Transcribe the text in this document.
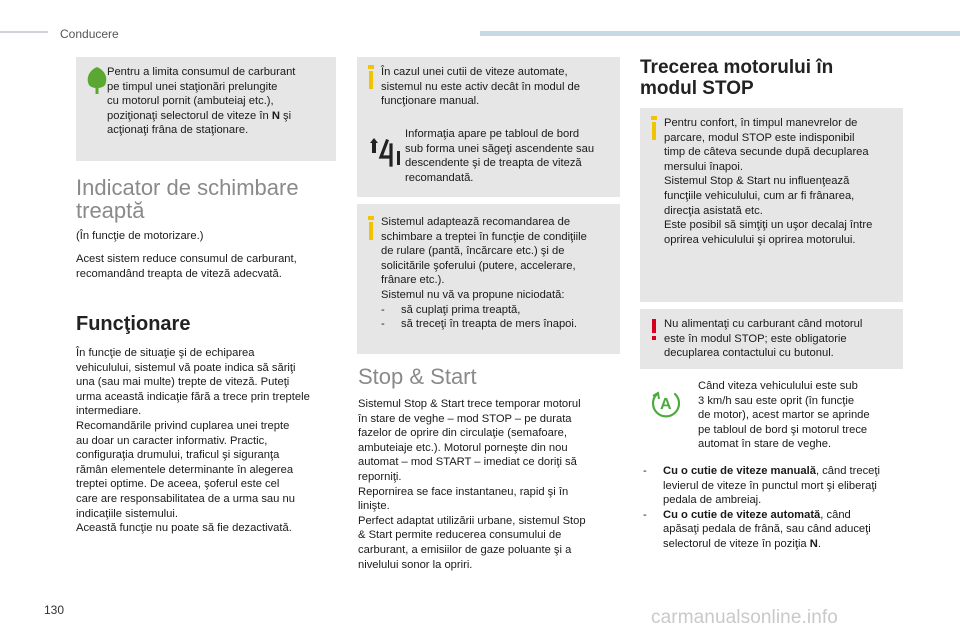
Conducere
Pentru a limita consumul de carburant
pe timpul unei staţionări prelungite
cu motorul pornit (ambuteiaj etc.),
poziţionaţi selectorul de viteze în N şi
acţionaţi frâna de staţionare.
Indicator de schimbare
treaptă

(În funcţie de motorizare.)

Acest sistem reduce consumul de carburant, recomandând treapta de viteză adecvată.

Funcţionare
În funcţie de situaţie şi de echiparea
vehiculului, sistemul vă poate indica să săriţi
una (sau mai multe) trepte de viteză. Puteţi
urma această indicaţie fără a trece prin treptele
intermediare.
Recomandările privind cuplarea unei trepte
au doar un caracter informativ. Practic,
configuraţia drumului, traficul şi siguranţa
rămân elementele determinante în alegerea
treptei optime. De aceea, şoferul este cel
care are responsabilitatea de a urma sau nu
indicaţiile sistemului.
Această funcţie nu poate să fie dezactivată.
În cazul unei cutii de viteze automate,
sistemul nu este activ decât în modul de
funcţionare manual.
Informaţia apare pe tabloul de bord
sub forma unei săgeţi ascendente sau
descendente şi de treapta de viteză
recomandată.
Sistemul adaptează recomandarea de
schimbare a treptei în funcţie de condiţiile
de rulare (pantă, încărcare etc.) şi de
solicitările şoferului (putere, accelerare,
frânare etc.).
Sistemul nu vă va propune niciodată:
- să cuplaţi prima treaptă,
- să treceţi în treapta de mers înapoi.
Stop & Start
Sistemul Stop & Start trece temporar motorul
în stare de veghe – mod STOP – pe durata
fazelor de oprire din circulaţie (semafoare,
ambuteiaje etc.). Motorul porneşte din nou
automat – mod START – imediat ce doriţi să
reporniţi.
Repornirea se face instantaneu, rapid şi în
linişte.
Perfect adaptat utilizării urbane, sistemul Stop
& Start permite reducerea consumului de
carburant, a emisiilor de gaze poluante şi a
nivelului sonor la opriri.
Trecerea motorului în
modul STOP
Pentru confort, în timpul manevrelor de
parcare, modul STOP este indisponibil
timp de câteva secunde după decuplarea
mersului înapoi.
Sistemul Stop & Start nu influenţează
funcţiile vehiculului, cum ar fi frânarea,
direcţia asistată etc.
Este posibil să simţiţi un uşor decalaj între
oprirea vehiculului şi oprirea motorului.
Nu alimentaţi cu carburant când motorul
este în modul STOP; este obligatorie
decuplarea contactului cu butonul.
A
Când viteza vehiculului este sub
3 km/h sau este oprit (în funcţie
de motor), acest martor se aprinde
pe tabloul de bord şi motorul trece
automat în stare de veghe.
- Cu o cutie de viteze manuală, când treceţi
levierul de viteze în punctul mort şi eliberaţi
pedala de ambreiaj.
- Cu o cutie de viteze automată, când
apăsaţi pedala de frână, sau când aduceţi
selectorul de viteze în poziţia N.
130	carmanualsonline.info
